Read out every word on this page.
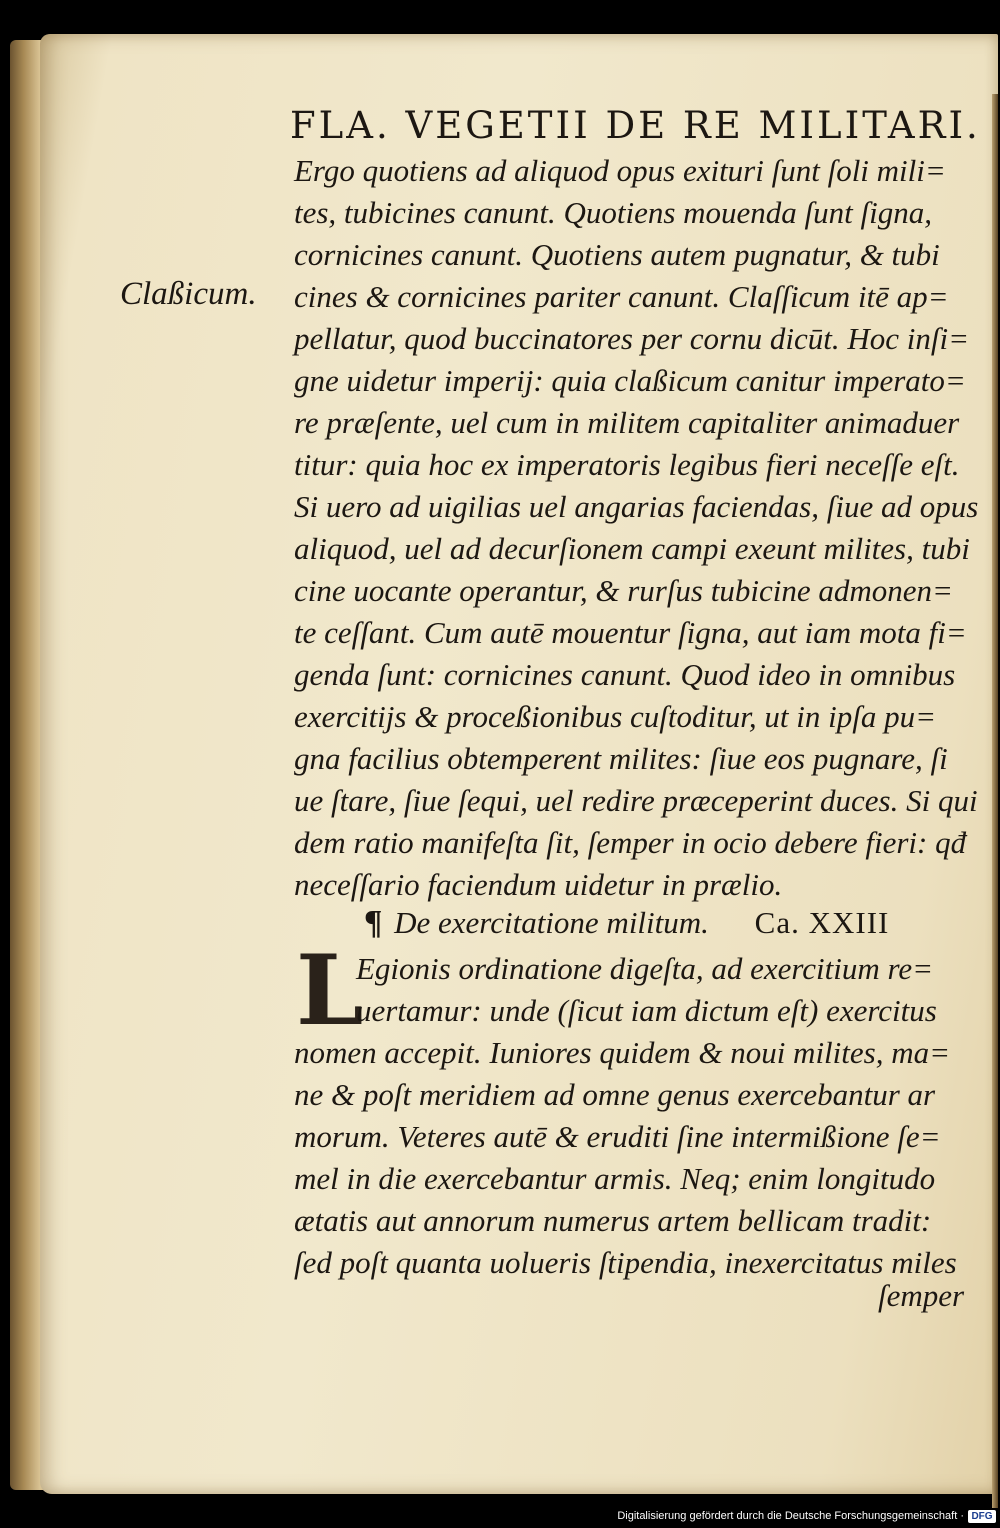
FLA. VEGETII DE RE MILITARI.
Claßicum.
Ergo quotiens ad aliquod opus exituri ſunt ſoli mili=
tes, tubicines canunt. Quotiens mouenda ſunt ſigna,
cornicines canunt. Quotiens autem pugnatur, & tubi
cines & cornicines pariter canunt. Claſſicum itē ap=
pellatur, quod buccinatores per cornu dicūt. Hoc inſi=
gne uidetur imperij: quia claßicum canitur imperato=
re præſente, uel cum in militem capitaliter animaduer
titur: quia hoc ex imperatoris legibus fieri neceſſe eſt.
Si uero ad uigilias uel angarias faciendas, ſiue ad opus
aliquod, uel ad decurſionem campi exeunt milites, tubi
cine uocante operantur, & rurſus tubicine admonen=
te ceſſant. Cum autē mouentur ſigna, aut iam mota fi=
genda ſunt: cornicines canunt. Quod ideo in omnibus
exercitijs & proceßionibus cuſtoditur, ut in ipſa pu=
gna facilius obtemperent milites: ſiue eos pugnare, ſi
ue ſtare, ſiue ſequi, uel redire præceperint duces. Si qui
dem ratio manifeſta ſit, ſemper in ocio debere fieri: qđ
neceſſario faciendum uidetur in prælio.
¶ De exercitatione militum. Ca. XXIII
L
Egionis ordinatione digeſta, ad exercitium re=
uertamur: unde (ſicut iam dictum eſt) exercitus
nomen accepit. Iuniores quidem & noui milites, ma=
ne & poſt meridiem ad omne genus exercebantur ar
morum. Veteres autē & eruditi ſine intermißione ſe=
mel in die exercebantur armis. Neq; enim longitudo
ætatis aut annorum numerus artem bellicam tradit:
ſed poſt quanta uolueris ſtipendia, inexercitatus miles
ſemper
Digitalisierung gefördert durch die Deutsche Forschungsgemeinschaft · DFG
